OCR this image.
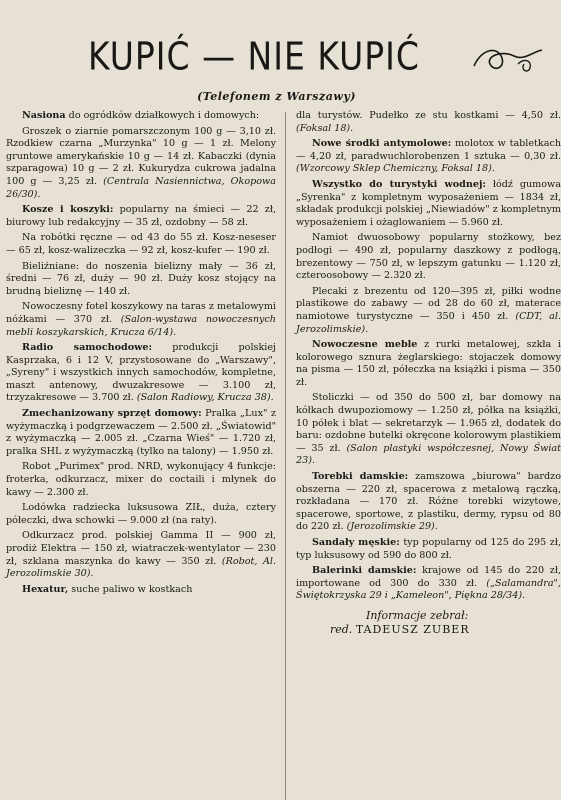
KUPIĆ — NIE KUPIĆ
(Telefonem z Warszawy)

Nasiona do ogródków działkowych i domowych:

Groszek o ziarnie pomarszczonym 100 g — 3,10 zł. Rzodkiew czarna „Murzynka" 10 g — 1 zł. Melony gruntowe amerykańskie 10 g — 14 zł. Kabaczki (dynia szparagowa) 10 g — 2 zł. Kukurydza cukrowa jadalna 100 g — 3,25 zł. (Centrala Nasiennictwa, Okopowa 26/30).

Kosze i koszyki: popularny na śmieci — 22 zł, biurowy lub redakcyjny — 35 zł, ozdobny — 58 zł.

Na robótki ręczne — od 43 do 55 zł. Kosz-neseser — 65 zł, kosz-walizeczka — 92 zł, kosz-kufer — 190 zł.

Bieliźniane: do noszenia bielizny mały — 36 zł, średni — 76 zł, duży — 90 zł. Duży kosz stojący na brudną bieliznę — 140 zł.

Nowoczesny fotel koszykowy na taras z metalowymi nóżkami — 370 zł. (Salon-wystawa nowoczesnych mebli koszykarskich, Krucza 6/14).

Radio samochodowe: produkcji polskiej Kasprzaka, 6 i 12 V, przystosowane do „Warszawy", „Syreny" i wszystkich innych samochodów, kompletne, maszt antenowy, dwuzakresowe — 3.100 zł, trzyzakresowe — 3.700 zł. (Salon Radiowy, Krucza 38).

Zmechanizowany sprzęt domowy: Pralka „Lux" z wyżymaczką i podgrzewaczem — 2.500 zł. „Światowid" z wyżymaczką — 2.005 zł. „Czarna Wieś" — 1.720 zł, pralka SHL z wyżymaczką (tylko na talony) — 1.950 zł.

Robot „Purimex" prod. NRD, wykonujący 4 funkcje: froterka, odkurzacz, mixer do coctaili i młynek do kawy — 2.300 zł.

Lodówka radziecka luksusowa ZIŁ, duża, cztery półeczki, dwa schowki — 9.000 zł (na raty).

Odkurzacz prod. polskiej Gamma II — 900 zł, prodiż Elektra — 150 zł, wiatraczek-wentylator — 230 zł, szklana maszynka do kawy — 350 zł. (Robot, Al. Jerozolimskie 30).

Hexatur, suche paliwo w kostkach

dla turystów. Pudełko ze stu kostkami — 4,50 zł. (Foksal 18).

Nowe środki antymolowe: molotox w tabletkach — 4,20 zł, paradwuchlorobenzen 1 sztuka — 0,30 zł. (Wzorcowy Sklep Chemiczny, Foksal 18).

Wszystko do turystyki wodnej: łódź gumowa „Syrenka" z kompletnym wyposażeniem — 1834 zł, składak produkcji polskiej „Niewiadów" z kompletnym wyposażeniem i ożaglowaniem — 5.960 zł.

Namiot dwuosobowy popularny stożkowy, bez podłogi — 490 zł, popularny daszkowy z podłogą, brezentowy — 750 zł, w lepszym gatunku — 1.120 zł, czteroosobowy — 2.320 zł.

Plecaki z brezentu od 120—395 zł, piłki wodne plastikowe do zabawy — od 28 do 60 zł, materace namiotowe turystyczne — 350 i 450 zł. (CDT, al. Jerozolimskie).

Nowoczesne meble z rurki metalowej, szkła i kolorowego sznura żeglarskiego: stojaczek domowy na pisma — 150 zł, półeczka na książki i pisma — 350 zł.

Stoliczki — od 350 do 500 zł, bar domowy na kółkach dwupoziomowy — 1.250 zł, półka na książki, 10 półek i blat — sekretarzyk — 1.965 zł, dodatek do baru: ozdobne butelki okręcone kolorowym plastikiem — 35 zł. (Salon plastyki współczesnej, Nowy Świat 23).

Torebki damskie: zamszowa „biurowa" bardzo obszerna — 220 zł, spacerowa z metalową rączką, rozkładana — 170 zł. Różne torebki wizytowe, spacerowe, sportowe, z plastiku, dermy, rypsu od 80 do 220 zł. (Jerozolimskie 29).

Sandały męskie: typ popularny od 125 do 295 zł, typ luksusowy od 590 do 800 zł.

Balerinki damskie: krajowe od 145 do 220 zł, importowane od 300 do 330 zł. („Salamandra", Świętokrzyska 29 i „Kameleon", Piękna 28/34).

Informacje zebrał:
red. TADEUSZ ZUBER
